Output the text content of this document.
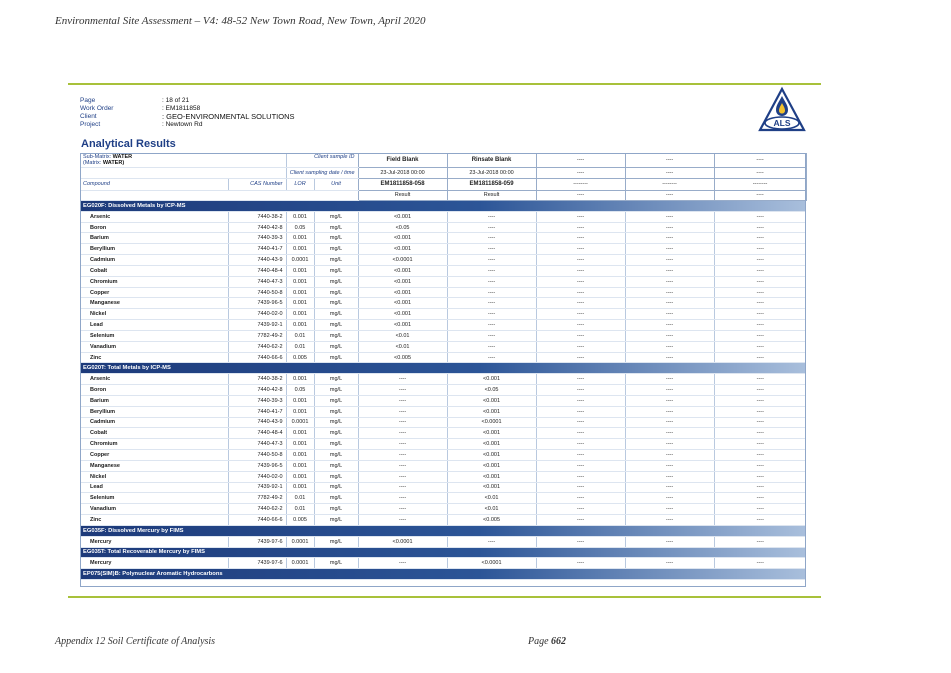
Environmental Site Assessment – V4: 48-52 New Town Road, New Town, April 2020
Page	: 18 of 21
Work Order	: EM1811858
Client	: GEO-ENVIRONMENTAL SOLUTIONS
Project	: Newtown Rd	ALS
Analytical Results
Sub-Matrix: WATER
(Matrix: WATER)		Client sample ID		Field Blank	Rinsate Blank	----	----	----
		Client sampling date / time		23-Jul-2018 00:00	23-Jul-2018 00:00	----	----	----
Compound	CAS Number	LOR	Unit	EM1811858-058	EM1811858-059	--------	--------	--------
				Result	Result	----	----	----
EG020F: Dissolved Metals by ICP-MS								
Arsenic	7440-38-2	0.001	mg/L	<0.001	----	----	----	----
Boron	7440-42-8	0.05	mg/L	<0.05	----	----	----	----
Barium	7440-39-3	0.001	mg/L	<0.001	----	----	----	----
Beryllium	7440-41-7	0.001	mg/L	<0.001	----	----	----	----
Cadmium	7440-43-9	0.0001	mg/L	<0.0001	----	----	----	----
Cobalt	7440-48-4	0.001	mg/L	<0.001	----	----	----	----
Chromium	7440-47-3	0.001	mg/L	<0.001	----	----	----	----
Copper	7440-50-8	0.001	mg/L	<0.001	----	----	----	----
Manganese	7439-96-5	0.001	mg/L	<0.001	----	----	----	----
Nickel	7440-02-0	0.001	mg/L	<0.001	----	----	----	----
Lead	7439-92-1	0.001	mg/L	<0.001	----	----	----	----
Selenium	7782-49-2	0.01	mg/L	<0.01	----	----	----	----
Vanadium	7440-62-2	0.01	mg/L	<0.01	----	----	----	----
Zinc	7440-66-6	0.005	mg/L	<0.005	----	----	----	----
EG020T: Total Metals by ICP-MS								
Arsenic	7440-38-2	0.001	mg/L	----	<0.001	----	----	----
Boron	7440-42-8	0.05	mg/L	----	<0.05	----	----	----
Barium	7440-39-3	0.001	mg/L	----	<0.001	----	----	----
Beryllium	7440-41-7	0.001	mg/L	----	<0.001	----	----	----
Cadmium	7440-43-9	0.0001	mg/L	----	<0.0001	----	----	----
Cobalt	7440-48-4	0.001	mg/L	----	<0.001	----	----	----
Chromium	7440-47-3	0.001	mg/L	----	<0.001	----	----	----
Copper	7440-50-8	0.001	mg/L	----	<0.001	----	----	----
Manganese	7439-96-5	0.001	mg/L	----	<0.001	----	----	----
Nickel	7440-02-0	0.001	mg/L	----	<0.001	----	----	----
Lead	7439-92-1	0.001	mg/L	----	<0.001	----	----	----
Selenium	7782-49-2	0.01	mg/L	----	<0.01	----	----	----
Vanadium	7440-62-2	0.01	mg/L	----	<0.01	----	----	----
Zinc	7440-66-6	0.005	mg/L	----	<0.005	----	----	----
EG035F: Dissolved Mercury by FIMS								
Mercury	7439-97-6	0.0001	mg/L	<0.0001	----	----	----	----
EG035T: Total Recoverable Mercury by FIMS								
Mercury	7439-97-6	0.0001	mg/L	----	<0.0001	----	----	----
EP075(SIM)B: Polynuclear Aromatic Hydrocarbons								
Appendix 12 Soil Certificate of Analysis	Page 662
